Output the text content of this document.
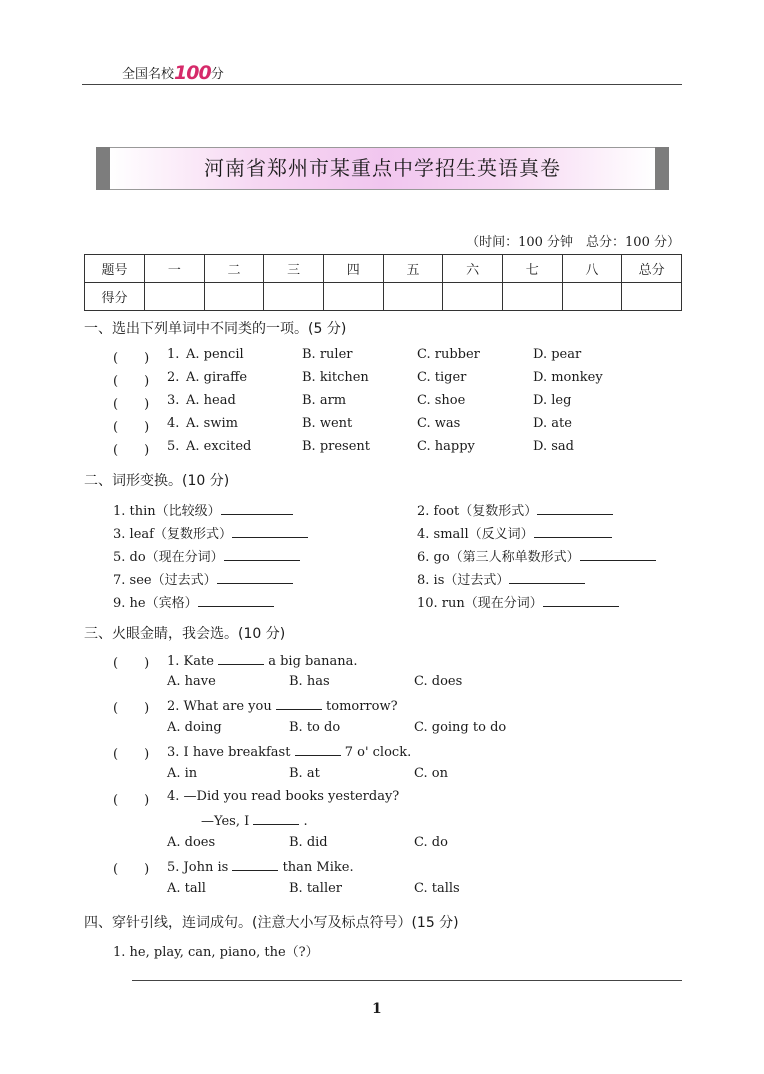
全国名校100分
河南省郑州市某重点中学招生英语真卷
（时间：100 分钟　总分：100 分）
题号	一	二	三	四	五	六	七	八	总分
得分									
一、选出下列单词中不同类的一项。(5 分)
(　　) 1. A. pencil	B. ruler	C. rubber	D. pear
(　　) 2. A. giraffe	B. kitchen	C. tiger	D. monkey
(　　) 3. A. head	B. arm	C. shoe	D. leg
(　　) 4. A. swim	B. went	C. was	D. ate
(　　) 5. A. excited	B. present	C. happy	D. sad
二、词形变换。(10 分)
1. thin（比较级）	2. foot（复数形式）
3. leaf（复数形式）	4. small（反义词）
5. do（现在分词）	6. go（第三人称单数形式）
7. see（过去式）	8. is（过去式）
9. he（宾格）	10. run（现在分词）
三、火眼金睛，我会选。(10 分)
(　　) 1. Kate	a big banana.
A. have	B. has	C. does
(　　) 2. What are you	tomorrow?
A. doing	B. to do	C. going to do
(　　) 3. I have breakfast	7 o' clock.
A. in	B. at	C. on
(　　) 4. —Did you read books yesterday?
—Yes, I	.
A. does	B. did	C. do
(　　) 5. John is	than Mike.
A. tall	B. taller	C. talls
四、穿针引线，连词成句。(注意大小写及标点符号）(15 分)
1. he, play, can, piano, the（?）
1
